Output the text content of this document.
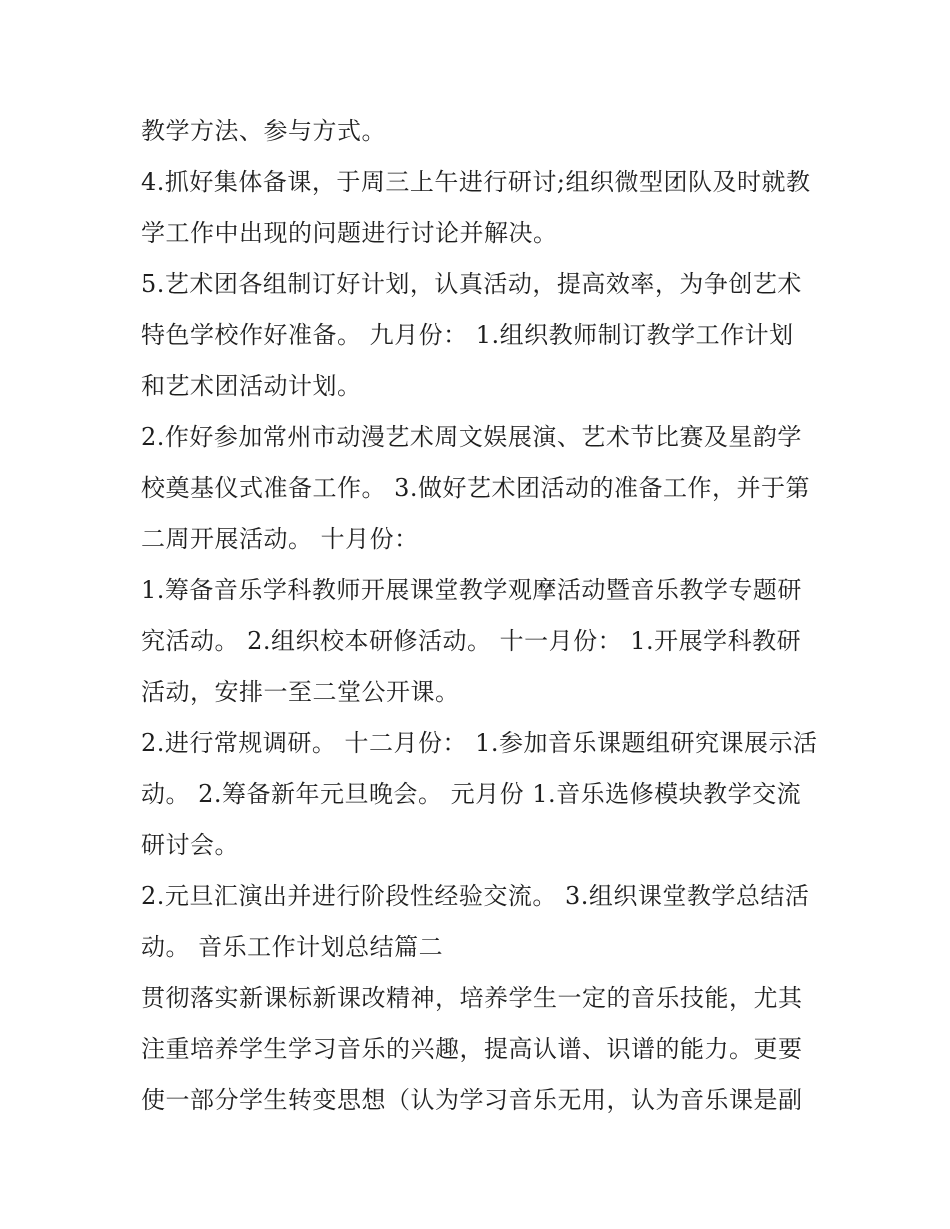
教学方法、参与方式。
4.抓好集体备课，于周三上午进行研讨;组织微型团队及时就教
学工作中出现的问题进行讨论并解决。
5.艺术团各组制订好计划，认真活动，提高效率，为争创艺术
特色学校作好准备。 九月份： 1.组织教师制订教学工作计划
和艺术团活动计划。
2.作好参加常州市动漫艺术周文娱展演、艺术节比赛及星韵学
校奠基仪式准备工作。 3.做好艺术团活动的准备工作，并于第
二周开展活动。 十月份：
1.筹备音乐学科教师开展课堂教学观摩活动暨音乐教学专题研
究活动。 2.组织校本研修活动。 十一月份： 1.开展学科教研
活动，安排一至二堂公开课。
2.进行常规调研。 十二月份： 1.参加音乐课题组研究课展示活
动。 2.筹备新年元旦晚会。 元月份 1.音乐选修模块教学交流
研讨会。
2.元旦汇演出并进行阶段性经验交流。 3.组织课堂教学总结活
动。 音乐工作计划总结篇二
贯彻落实新课标新课改精神，培养学生一定的音乐技能，尤其
注重培养学生学习音乐的兴趣，提高认谱、识谱的能力。更要
使一部分学生转变思想（认为学习音乐无用，认为音乐课是副
